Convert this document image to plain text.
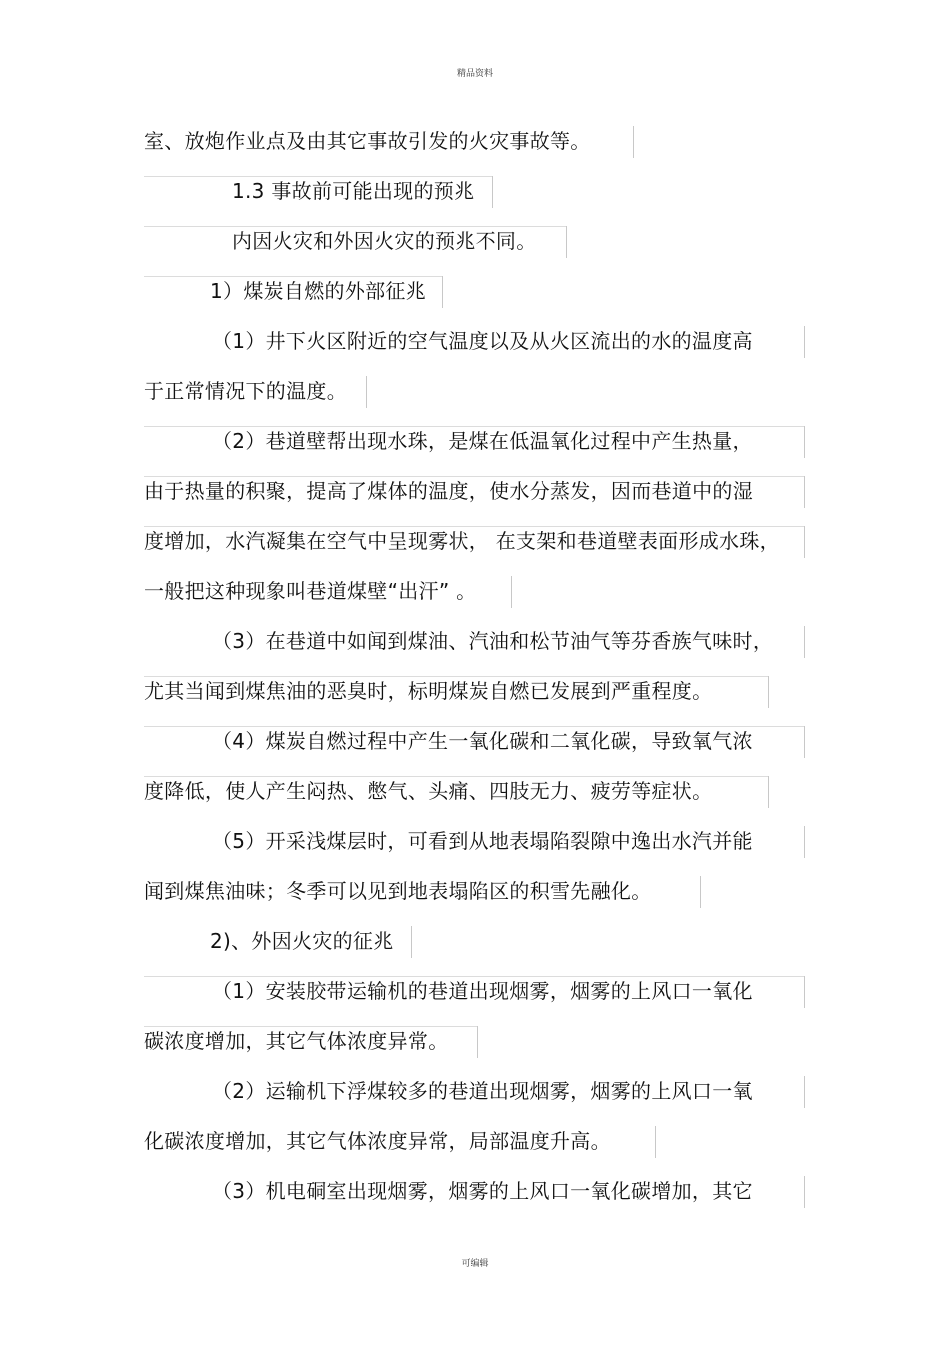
精品资料
室、放炮作业点及由其它事故引发的火灾事故等。
1.3 事故前可能出现的预兆
内因火灾和外因火灾的预兆不同。
1）煤炭自燃的外部征兆
（1）井下火区附近的空气温度以及从火区流出的水的温度高
于正常情况下的温度。
（2）巷道壁帮出现水珠，是煤在低温氧化过程中产生热量，
由于热量的积聚，提高了煤体的温度，使水分蒸发，因而巷道中的湿
度增加，水汽凝集在空气中呈现雾状， 在支架和巷道壁表面形成水珠，
一般把这种现象叫巷道煤壁“出汗” 。
（3）在巷道中如闻到煤油、汽油和松节油气等芬香族气味时，
尤其当闻到煤焦油的恶臭时，标明煤炭自燃已发展到严重程度。
（4）煤炭自燃过程中产生一氧化碳和二氧化碳，导致氧气浓
度降低，使人产生闷热、憋气、头痛、四肢无力、疲劳等症状。
（5）开采浅煤层时，可看到从地表塌陷裂隙中逸出水汽并能
闻到煤焦油味；冬季可以见到地表塌陷区的积雪先融化。
2)、外因火灾的征兆
（1）安装胶带运输机的巷道出现烟雾，烟雾的上风口一氧化
碳浓度增加，其它气体浓度异常。
（2）运输机下浮煤较多的巷道出现烟雾，烟雾的上风口一氧
化碳浓度增加，其它气体浓度异常，局部温度升高。
（3）机电硐室出现烟雾，烟雾的上风口一氧化碳增加，其它
可编辑
